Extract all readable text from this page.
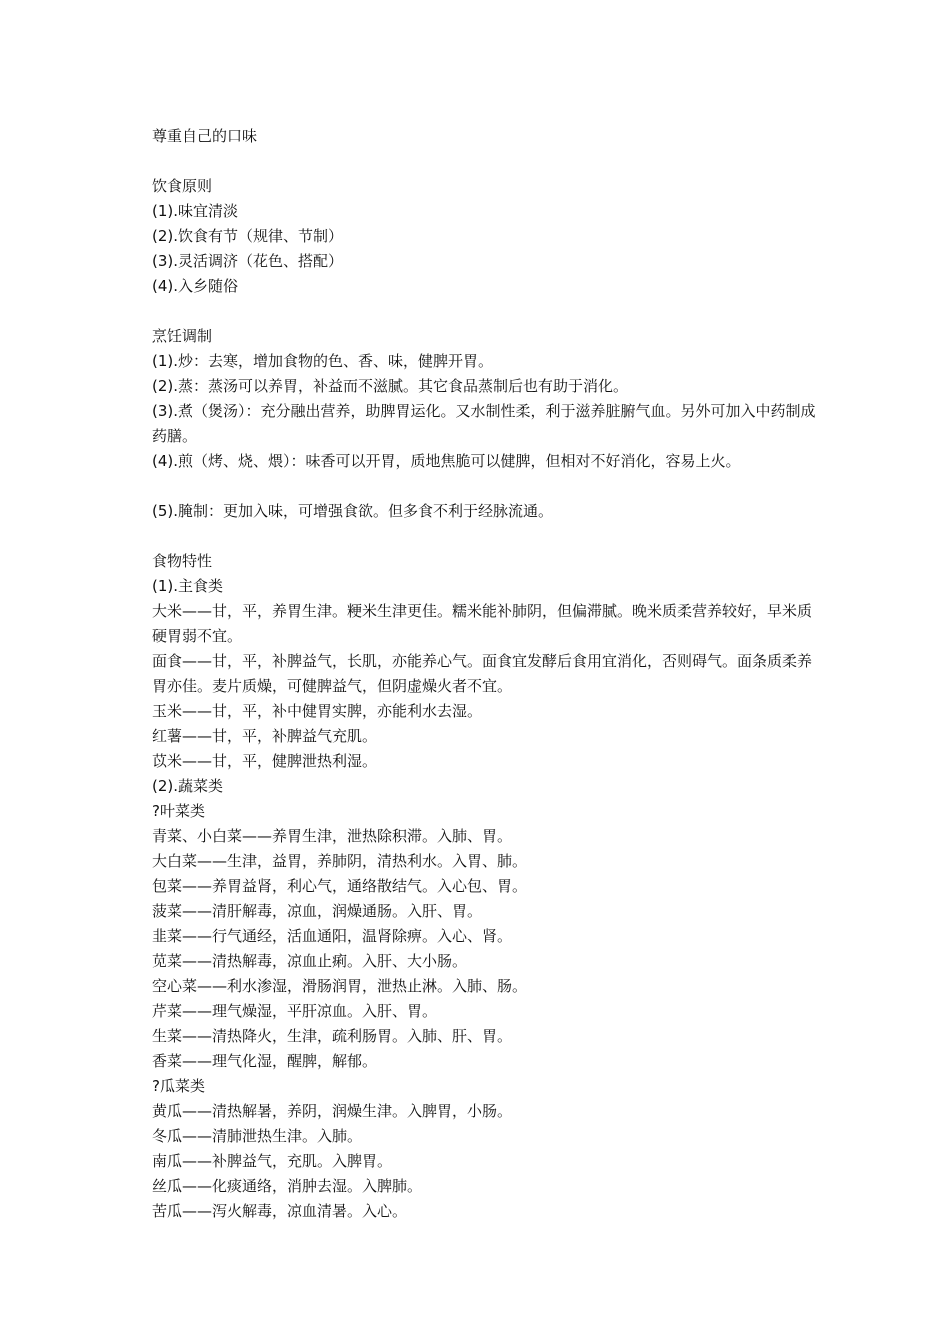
尊重自己的口味
饮食原则
(1).味宜清淡
(2).饮食有节（规律、节制）
(3).灵活调济（花色、搭配）
(4).入乡随俗
烹饪调制
(1).炒：去寒，增加食物的色、香、味，健脾开胃。
(2).蒸：蒸汤可以养胃，补益而不滋腻。其它食品蒸制后也有助于消化。
(3).煮（煲汤）：充分融出营养，助脾胃运化。又水制性柔，利于滋养脏腑气血。另外可加入中药制成药膳。
(4).煎（烤、烧、煨）：味香可以开胃，质地焦脆可以健脾，但相对不好消化，容易上火。
(5).腌制：更加入味，可增强食欲。但多食不利于经脉流通。
食物特性
(1).主食类
大米——甘，平，养胃生津。粳米生津更佳。糯米能补肺阴，但偏滞腻。晚米质柔营养较好，早米质硬胃弱不宜。
面食——甘，平，补脾益气，长肌，亦能养心气。面食宜发酵后食用宜消化，否则碍气。面条质柔养胃亦佳。麦片质燥，可健脾益气，但阴虚燥火者不宜。
玉米——甘，平，补中健胃实脾，亦能利水去湿。
红薯——甘，平，补脾益气充肌。
苡米——甘，平，健脾泄热利湿。
(2).蔬菜类
?叶菜类
青菜、小白菜——养胃生津，泄热除积滞。入肺、胃。
大白菜——生津，益胃，养肺阴，清热利水。入胃、肺。
包菜——养胃益肾，利心气，通络散结气。入心包、胃。
菠菜——清肝解毒，凉血，润燥通肠。入肝、胃。
韭菜——行气通经，活血通阳，温肾除痹。入心、肾。
苋菜——清热解毒，凉血止痢。入肝、大小肠。
空心菜——利水渗湿，滑肠润胃，泄热止淋。入肺、肠。
芹菜——理气燥湿，平肝凉血。入肝、胃。
生菜——清热降火，生津，疏利肠胃。入肺、肝、胃。
香菜——理气化湿，醒脾，解郁。
?瓜菜类
黄瓜——清热解暑，养阴，润燥生津。入脾胃，小肠。
冬瓜——清肺泄热生津。入肺。
南瓜——补脾益气，充肌。入脾胃。
丝瓜——化痰通络，消肿去湿。入脾肺。
苦瓜——泻火解毒，凉血清暑。入心。
